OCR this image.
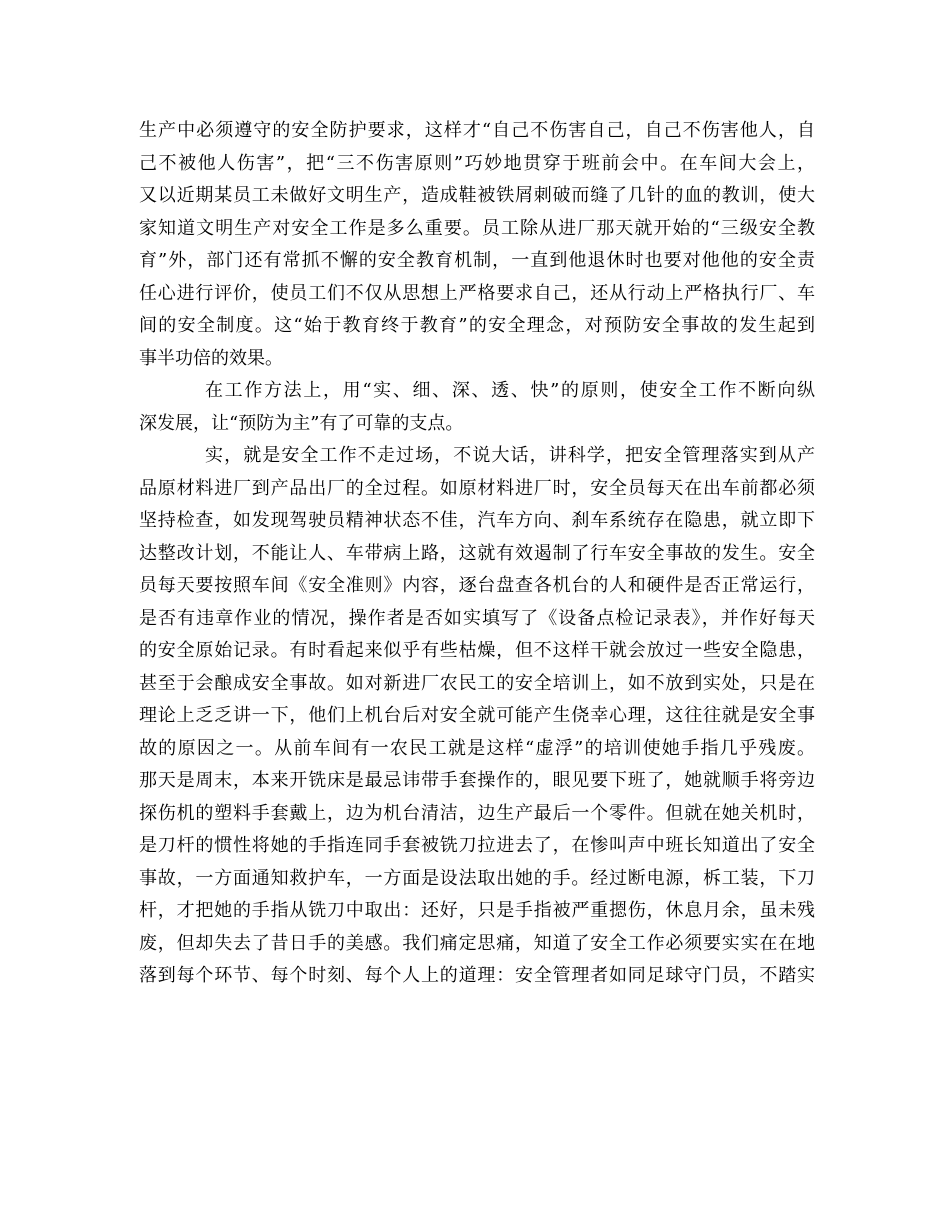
生产中必须遵守的安全防护要求，这样才“自己不伤害自己，自己不伤害他人，自
己不被他人伤害”，把“三不伤害原则”巧妙地贯穿于班前会中。在车间大会上，
又以近期某员工未做好文明生产，造成鞋被铁屑刺破而缝了几针的血的教训，使大
家知道文明生产对安全工作是多么重要。员工除从进厂那天就开始的“三级安全教
育”外，部门还有常抓不懈的安全教育机制，一直到他退休时也要对他他的安全责
任心进行评价，使员工们不仅从思想上严格要求自己，还从行动上严格执行厂、车
间的安全制度。这“始于教育终于教育”的安全理念，对预防安全事故的发生起到
事半功倍的效果。
在工作方法上，用“实、细、深、透、快”的原则，使安全工作不断向纵
深发展，让“预防为主”有了可靠的支点。
实，就是安全工作不走过场，不说大话，讲科学，把安全管理落实到从产
品原材料进厂到产品出厂的全过程。如原材料进厂时，安全员每天在出车前都必须
坚持检查，如发现驾驶员精神状态不佳，汽车方向、刹车系统存在隐患，就立即下
达整改计划，不能让人、车带病上路，这就有效遏制了行车安全事故的发生。安全
员每天要按照车间《安全准则》内容，逐台盘查各机台的人和硬件是否正常运行，
是否有违章作业的情况，操作者是否如实填写了《设备点检记录表》，并作好每天
的安全原始记录。有时看起来似乎有些枯燥，但不这样干就会放过一些安全隐患，
甚至于会酿成安全事故。如对新进厂农民工的安全培训上，如不放到实处，只是在
理论上乏乏讲一下，他们上机台后对安全就可能产生侥幸心理，这往往就是安全事
故的原因之一。从前车间有一农民工就是这样“虚浮”的培训使她手指几乎残废。
那天是周末，本来开铣床是最忌讳带手套操作的，眼见要下班了，她就顺手将旁边
探伤机的塑料手套戴上，边为机台清洁，边生产最后一个零件。但就在她关机时，
是刀杆的惯性将她的手指连同手套被铣刀拉进去了，在惨叫声中班长知道出了安全
事故，一方面通知救护车，一方面是设法取出她的手。经过断电源，柝工装，下刀
杆，才把她的手指从铣刀中取出：还好，只是手指被严重摁伤，休息月余，虽未残
废，但却失去了昔日手的美感。我们痛定思痛，知道了安全工作必须要实实在在地
落到每个环节、每个时刻、每个人上的道理：安全管理者如同足球守门员，不踏实
